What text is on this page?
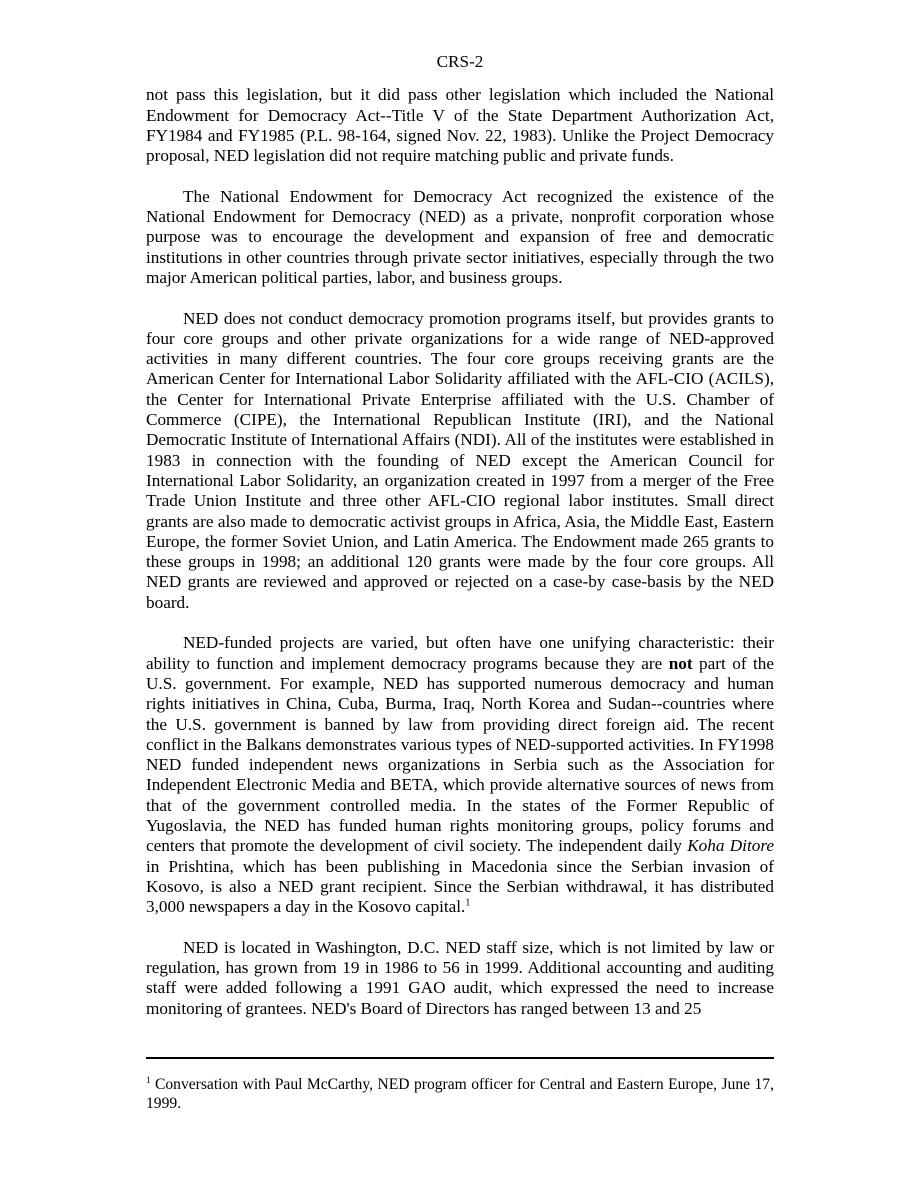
CRS-2

not pass this legislation, but it did pass other legislation which included the National Endowment for Democracy Act--Title V of the State Department Authorization Act, FY1984 and FY1985 (P.L. 98-164, signed Nov. 22, 1983). Unlike the Project Democracy proposal, NED legislation did not require matching public and private funds.

The National Endowment for Democracy Act recognized the existence of the National Endowment for Democracy (NED) as a private, nonprofit corporation whose purpose was to encourage the development and expansion of free and democratic institutions in other countries through private sector initiatives, especially through the two major American political parties, labor, and business groups.

NED does not conduct democracy promotion programs itself, but provides grants to four core groups and other private organizations for a wide range of NED-approved activities in many different countries. The four core groups receiving grants are the American Center for International Labor Solidarity affiliated with the AFL-CIO (ACILS), the Center for International Private Enterprise affiliated with the U.S. Chamber of Commerce (CIPE), the International Republican Institute (IRI), and the National Democratic Institute of International Affairs (NDI). All of the institutes were established in 1983 in connection with the founding of NED except the American Council for International Labor Solidarity, an organization created in 1997 from a merger of the Free Trade Union Institute and three other AFL-CIO regional labor institutes. Small direct grants are also made to democratic activist groups in Africa, Asia, the Middle East, Eastern Europe, the former Soviet Union, and Latin America. The Endowment made 265 grants to these groups in 1998; an additional 120 grants were made by the four core groups. All NED grants are reviewed and approved or rejected on a case-by case-basis by the NED board.

NED-funded projects are varied, but often have one unifying characteristic: their ability to function and implement democracy programs because they are not part of the U.S. government. For example, NED has supported numerous democracy and human rights initiatives in China, Cuba, Burma, Iraq, North Korea and Sudan--countries where the U.S. government is banned by law from providing direct foreign aid. The recent conflict in the Balkans demonstrates various types of NED-supported activities. In FY1998 NED funded independent news organizations in Serbia such as the Association for Independent Electronic Media and BETA, which provide alternative sources of news from that of the government controlled media. In the states of the Former Republic of Yugoslavia, the NED has funded human rights monitoring groups, policy forums and centers that promote the development of civil society. The independent daily Koha Ditore in Prishtina, which has been publishing in Macedonia since the Serbian invasion of Kosovo, is also a NED grant recipient. Since the Serbian withdrawal, it has distributed 3,000 newspapers a day in the Kosovo capital.$^1$

NED is located in Washington, D.C. NED staff size, which is not limited by law or regulation, has grown from 19 in 1986 to 56 in 1999. Additional accounting and auditing staff were added following a 1991 GAO audit, which expressed the need to increase monitoring of grantees. NED's Board of Directors has ranged between 13 and 25

$^1$ Conversation with Paul McCarthy, NED program officer for Central and Eastern Europe, June 17, 1999.
